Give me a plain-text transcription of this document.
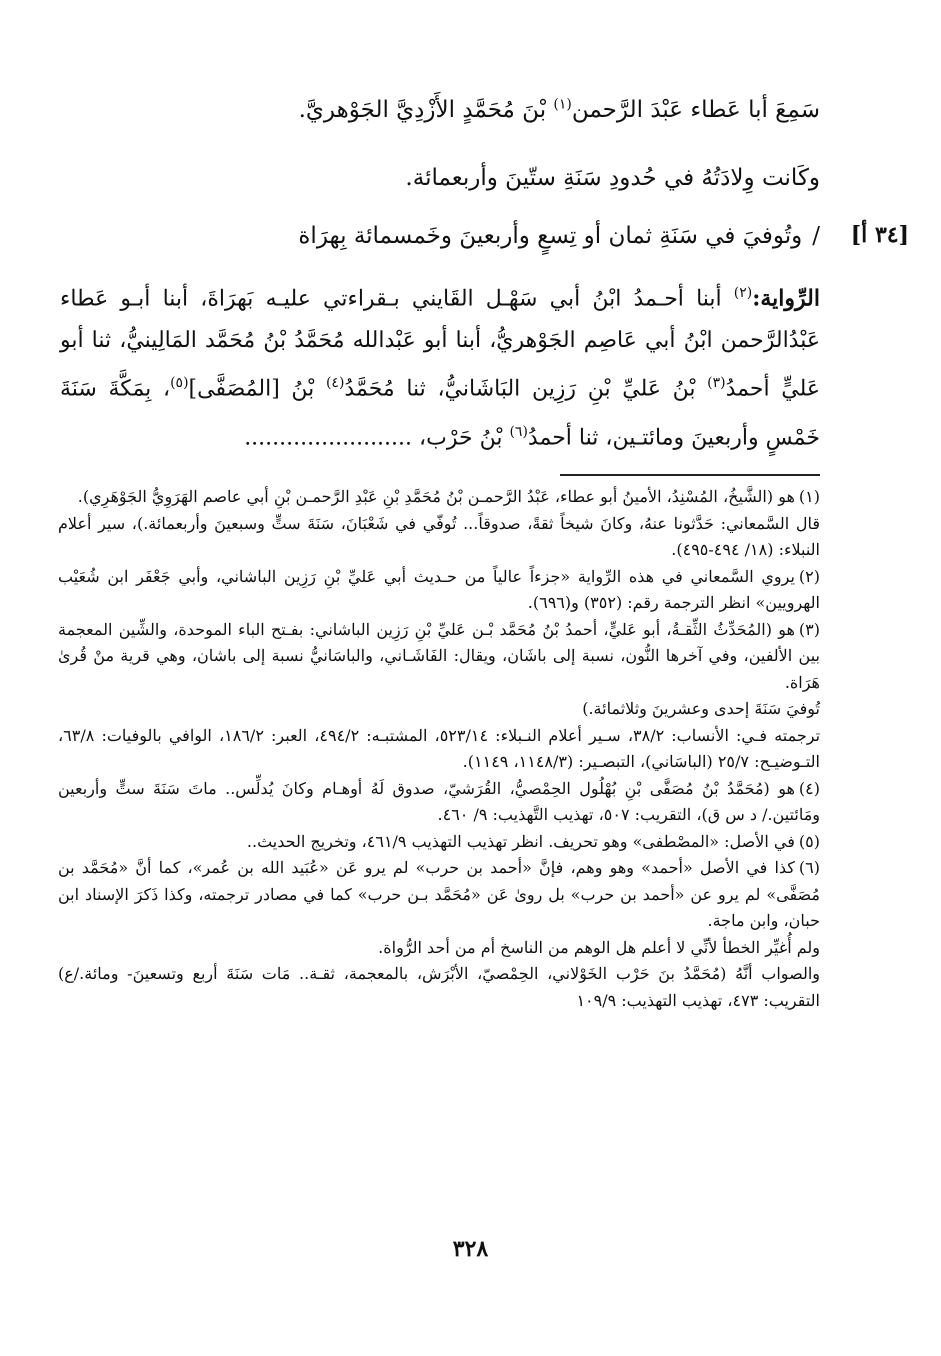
سَمِعَ أبا عَطاء عَبْدَ الرَّحمن$^{(١)}$ بْنَ مُحَمَّدٍ الأَزْدِيَّ الجَوْهريَّ.
وكَانت وِلادَتُهُ في حُدودِ سَنَةِ ستّينَ وأربعمائة.
/وتُوفيَ في سَنَةِ ثمان أو تِسعٍ وأربعينَ وخَمسمائة بِهرَاة	[٣٤ أ]
الرِّواية:$^{(٢)}$ أبنا أحـمدُ ابْنُ أبي سَهْـل القَايني بـقراءتي عليـه بَهرَاةَ، أبنا أبـو عَطاء عَبْدُالرَّحمن ابْنُ أبي عَاصِم الجَوْهريُّ، أبنا أبو عَبْدالله مُحَمَّدُ بْنُ مُحَمَّد المَالِينيُّ، ثنا أبو عَليٍّ أحمدُ$^{(٣)}$ بْنُ عَليِّ بْنِ رَزِين البَاشَانيُّ، ثنا مُحَمَّدُ$^{(٤)}$ بْنُ [المُصَفَّى]$^{(٥)}$، بِمَكَّةَ سَنَةَ خَمْسٍ وأربعينَ ومائتـين، ثنا أحمدُ$^{(٦)}$ بْنُ حَرْب، ........................

(١)هو (الشَّيخُ، المُسْنِدُ، الأمينُ أبو عطاء، عَبْدُ الرَّحمـن بْنُ مُحَمَّدِ بْنِ عَبْدِ الرَّحمـن بْنِ أبي عاصم الهَرَوِيُّ الجَوْهَرِي).

قال السَّمعاني: حَدَّثونا عنهُ، وكانَ شيخاً ثقةً، صدوقاً... تُوفّي في شَعْبَانَ، سَنَةَ ستٍّ وسبعينَ وأربعمائة.)، سير أعلام النبلاء: (١٨/ ٤٩٤-٤٩٥).

(٢)يروي السَّمعاني في هذه الرِّواية «جزءاً عالياً من حـديث أبي عَليِّ بْنِ رَزِين الباشاني، وأبي جَعْفَر ابن شُعَيْب الهرويين» انظر الترجمة رقم: (٣٥٢) و(٦٩٦).

(٣)هو (المُحَدِّثُ الثِّقـةُ، أبو عَليٍّ، أحمدُ بْنُ مُحَمَّد بْـن عَليِّ بْنِ رَزِين الباشاني: بفـتح الباء الموحدة، والشِّين المعجمة بين الألفين، وفي آخرها النُّون، نسبة إلى باشَان، ويقال: الفَاشَـاني، والباسَانيُّ نسبة إلى باشان، وهي قرية منْ قُرىٰ هَرَاة.

تُوفيَ سَنَةَ إحدى وعشرينَ وثلاثمائة.)

ترجمته فـي: الأنساب: ٣٨/٢، سـير أعلام النـبلاء: ٥٢٣/١٤، المشتبـه: ٤٩٤/٢، العبر: ١٨٦/٢، الوافي بالوفيات: ٦٣/٨، التـوضيـح: ٢٥/٧ (الباسَاني)، التبصـير: (١١٤٨/٣، ١١٤٩).

(٤)هو (مُحَمَّدُ بْنُ مُصَفَّى بْنِ بُهْلُول الحِمْصيُّ، القُرَشيّ، صدوق لَهُ أوهـام وكانَ يُدلِّس.. ماتَ سَنَةَ ستٍّ وأربعين ومَائتين./ د س ق)، التقريب: ٥٠٧، تهذيب التَّهذيب: ٩/ ٤٦٠.

(٥)في الأصل: «المصْطفى» وهو تحريف. انظر تهذيب التهذيب ٤٦١/٩، وتخريج الحديث..

(٦)كذا في الأصل «أحمد» وهو وهم، فإنَّ «أحمد بن حرب» لم يرو عَن «عُبَيد الله بن عُمر»، كما أنَّ «مُحَمَّد بن مُصَفَّى» لم يرو عن «أحمد بن حرب» بل روىٰ عَن «مُحَمَّد بـن حرب» كما في مصادر ترجمته، وكذا ذَكرَ الإسناد ابن حبان، وابن ماجة.

ولم أُغيِّر الخطأ لأنِّي لا أعلم هل الوهم من الناسخ أم من أحد الرُّواة.

والصواب أنَّهُ (مُحَمَّدُ بنَ حَرْب الخَوْلاني، الحِمْصيّ، الأبْرَش، بالمعجمة، ثقـة.. مَات سَنَةَ أربع وتسعينَ- ومائة./ع) التقريب: ٤٧٣، تهذيب التهذيب: ١٠٩/٩

٣٢٨
